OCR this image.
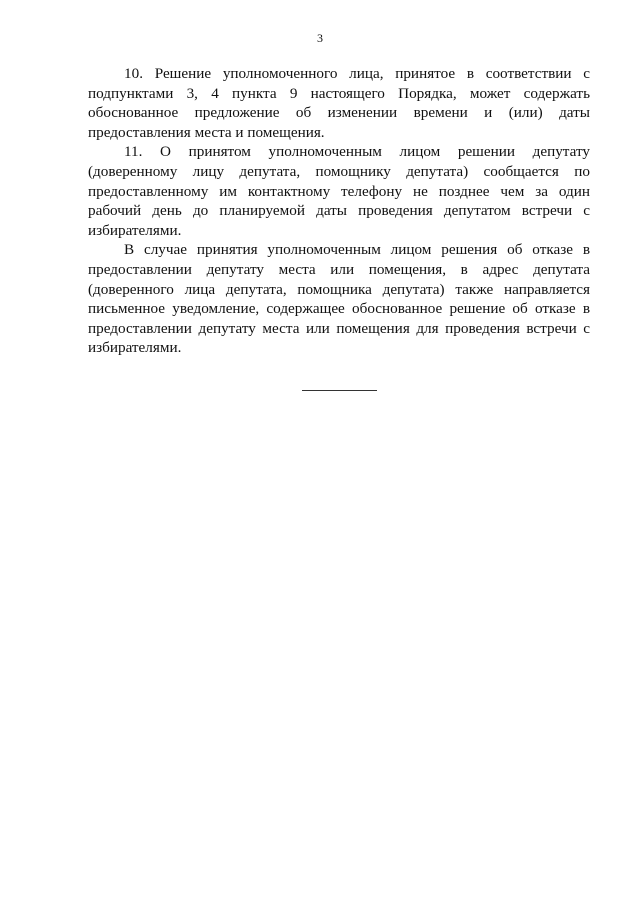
3

10. Решение уполномоченного лица, принятое в соответствии с подпунктами 3, 4 пункта 9 настоящего Порядка, может содержать обоснованное предложение об изменении времени и (или) даты предоставления места и помещения.

11. О принятом уполномоченным лицом решении депутату (доверенному лицу депутата, помощнику депутата) сообщается по предоставленному им контактному телефону не позднее чем за один рабочий день до планируемой даты проведения депутатом встречи с избирателями.

В случае принятия уполномоченным лицом решения об отказе в предоставлении депутату места или помещения, в адрес депутата (доверенного лица депутата, помощника депутата) также направляется письменное уведомление, содержащее обоснованное решение об отказе в предоставлении депутату места или помещения для проведения встречи с избирателями.
